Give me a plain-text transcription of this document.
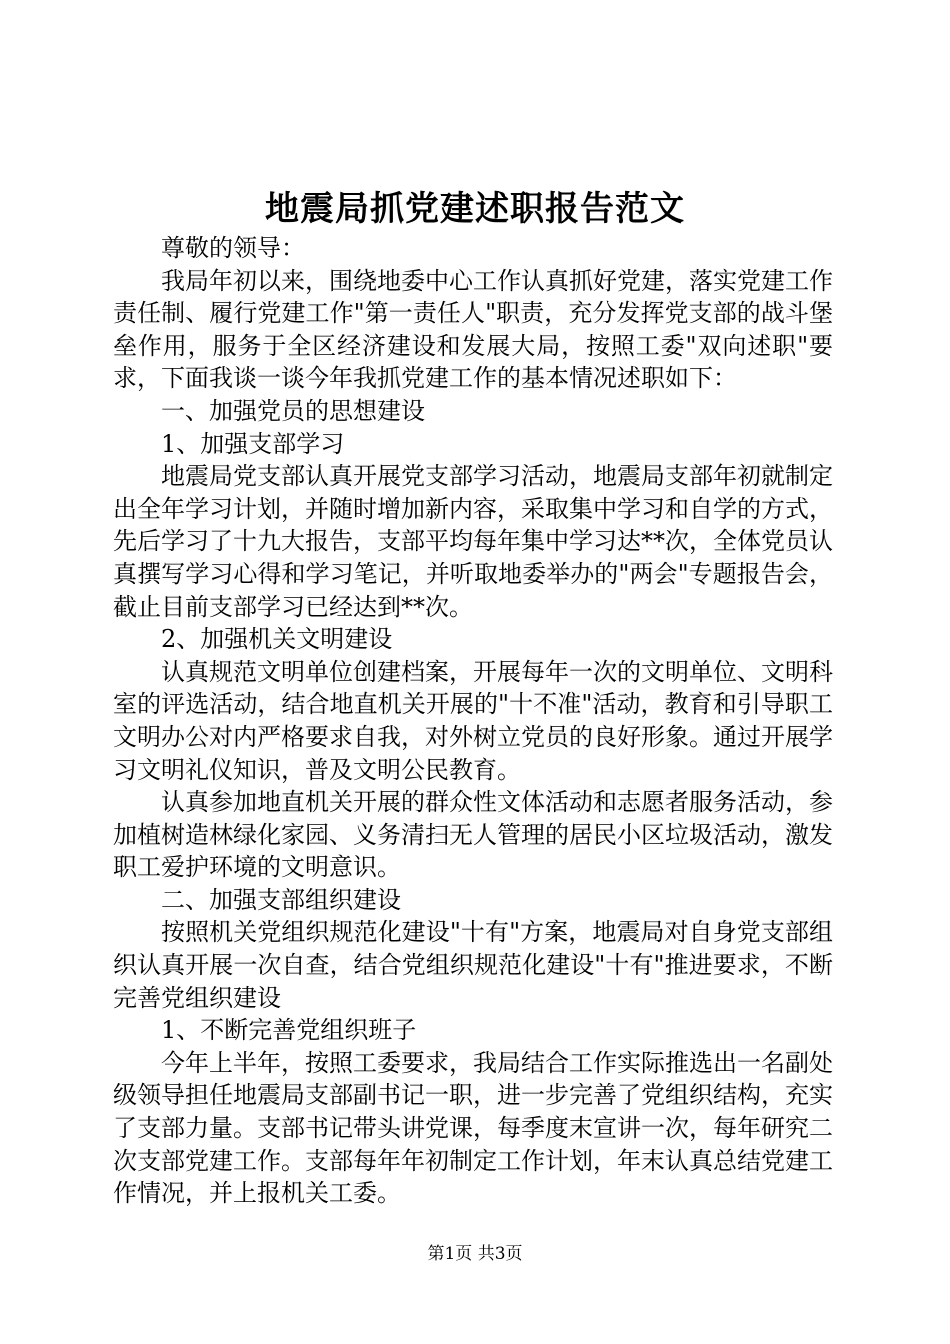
地震局抓党建述职报告范文

尊敬的领导：

我局年初以来，围绕地委中心工作认真抓好党建，落实党建工作责任制、履行党建工作"第一责任人"职责，充分发挥党支部的战斗堡垒作用，服务于全区经济建设和发展大局，按照工委"双向述职"要求，下面我谈一谈今年我抓党建工作的基本情况述职如下：

一、加强党员的思想建设

1、加强支部学习

地震局党支部认真开展党支部学习活动，地震局支部年初就制定出全年学习计划，并随时增加新内容，采取集中学习和自学的方式，先后学习了十九大报告，支部平均每年集中学习达**次，全体党员认真撰写学习心得和学习笔记，并听取地委举办的"两会"专题报告会，截止目前支部学习已经达到**次。

2、加强机关文明建设

认真规范文明单位创建档案，开展每年一次的文明单位、文明科室的评选活动，结合地直机关开展的"十不准"活动，教育和引导职工文明办公对内严格要求自我，对外树立党员的良好形象。通过开展学习文明礼仪知识，普及文明公民教育。

认真参加地直机关开展的群众性文体活动和志愿者服务活动，参加植树造林绿化家园、义务清扫无人管理的居民小区垃圾活动，激发职工爱护环境的文明意识。

二、加强支部组织建设

按照机关党组织规范化建设"十有"方案，地震局对自身党支部组织认真开展一次自查，结合党组织规范化建设"十有"推进要求，不断完善党组织建设

1、不断完善党组织班子

今年上半年，按照工委要求，我局结合工作实际推选出一名副处级领导担任地震局支部副书记一职，进一步完善了党组织结构，充实了支部力量。支部书记带头讲党课，每季度末宣讲一次，每年研究二次支部党建工作。支部每年年初制定工作计划，年末认真总结党建工作情况，并上报机关工委。

第1页 共3页
